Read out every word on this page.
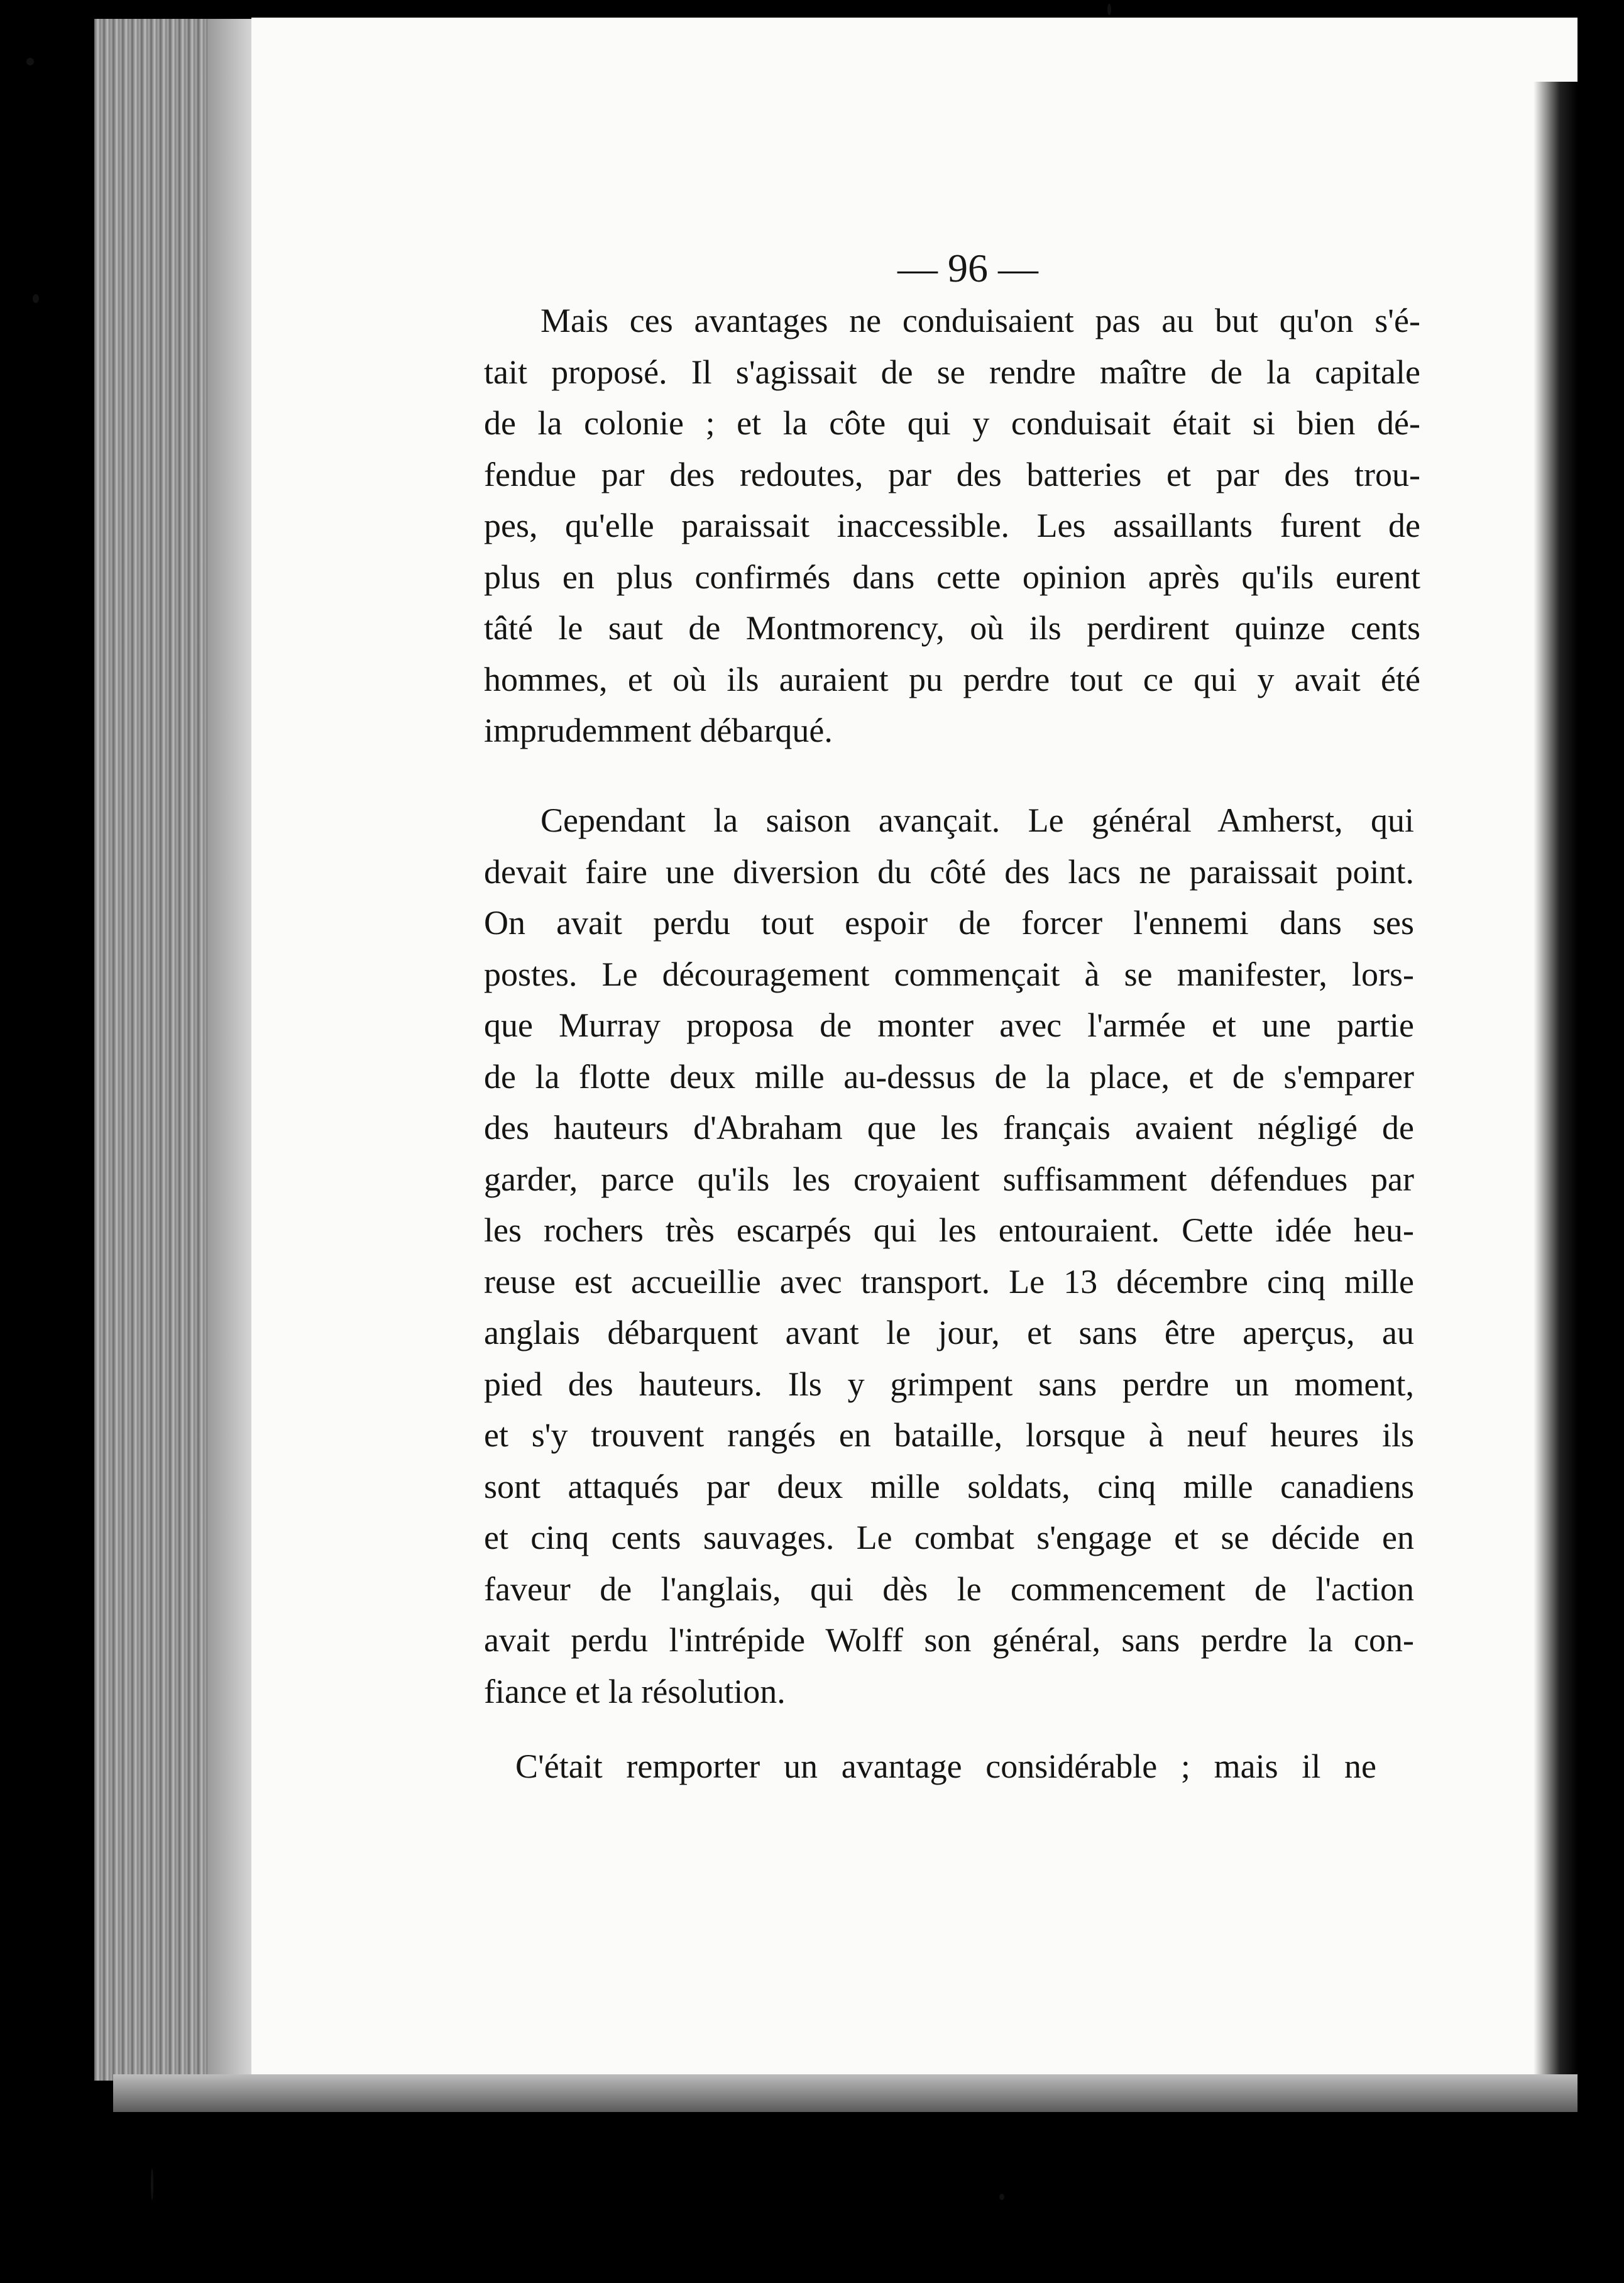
— 96 —
Mais ces avantages ne conduisaient pas au but qu'on s'é-
tait proposé. Il s'agissait de se rendre maître de la capitale
de la colonie ; et la côte qui y conduisait était si bien dé-
fendue par des redoutes, par des batteries et par des trou-
pes, qu'elle paraissait inaccessible. Les assaillants furent de
plus en plus confirmés dans cette opinion après qu'ils eurent
tâté le saut de Montmorency, où ils perdirent quinze cents
hommes, et où ils auraient pu perdre tout ce qui y avait été
imprudemment débarqué.
Cependant la saison avançait. Le général Amherst, qui
devait faire une diversion du côté des lacs ne paraissait point.
On avait perdu tout espoir de forcer l'ennemi dans ses
postes. Le découragement commençait à se manifester, lors-
que Murray proposa de monter avec l'armée et une partie
de la flotte deux mille au-dessus de la place, et de s'emparer
des hauteurs d'Abraham que les français avaient négligé de
garder, parce qu'ils les croyaient suffisamment défendues par
les rochers très escarpés qui les entouraient. Cette idée heu-
reuse est accueillie avec transport. Le 13 décembre cinq mille
anglais débarquent avant le jour, et sans être aperçus, au
pied des hauteurs. Ils y grimpent sans perdre un moment,
et s'y trouvent rangés en bataille, lorsque à neuf heures ils
sont attaqués par deux mille soldats, cinq mille canadiens
et cinq cents sauvages. Le combat s'engage et se décide en
faveur de l'anglais, qui dès le commencement de l'action
avait perdu l'intrépide Wolff son général, sans perdre la con-
fiance et la résolution.
C'était remporter un avantage considérable ; mais il ne
